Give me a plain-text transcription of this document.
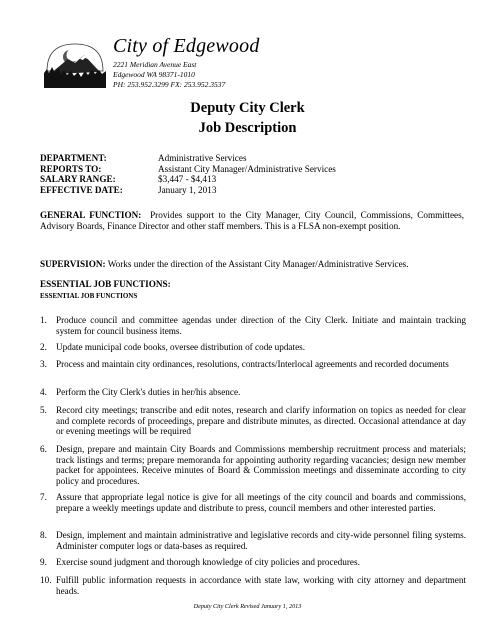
City of Edgewood
2221 Meridian Avenue East
Edgewood WA 98371-1010
PH: 253.952.3299 FX: 253.952.3537
Deputy City Clerk
Job Description
DEPARTMENT:	Administrative Services
REPORTS TO:	Assistant City Manager/Administrative Services
SALARY RANGE:	$3,447 - $4,413
EFFECTIVE DATE:	January 1, 2013
GENERAL FUNCTION: Provides support to the City Manager, City Council, Commissions, Committees, Advisory Boards, Finance Director and other staff members. This is a FLSA non-exempt position.
SUPERVISION: Works under the direction of the Assistant City Manager/Administrative Services.
ESSENTIAL JOB FUNCTIONS:
ESSENTIAL JOB FUNCTIONS
1. Produce council and committee agendas under direction of the City Clerk. Initiate and maintain tracking system for council business items.
2. Update municipal code books, oversee distribution of code updates.
3. Process and maintain city ordinances, resolutions, contracts/Interlocal agreements and recorded documents
4. Perform the City Clerk's duties in her/his absence.
5. Record city meetings; transcribe and edit notes, research and clarify information on topics as needed for clear and complete records of proceedings, prepare and distribute minutes, as directed. Occasional attendance at day or evening meetings will be required
6. Design, prepare and maintain City Boards and Commissions membership recruitment process and materials; track listings and terms; prepare memoranda for appointing authority regarding vacancies; design new member packet for appointees. Receive minutes of Board & Commission meetings and disseminate according to city policy and procedures.
7. Assure that appropriate legal notice is give for all meetings of the city council and boards and commissions, prepare a weekly meetings update and distribute to press, council members and other interested parties.
8. Design, implement and maintain administrative and legislative records and city-wide personnel filing systems. Administer computer logs or data-bases as required.
9. Exercise sound judgment and thorough knowledge of city policies and procedures.
10. Fulfill public information requests in accordance with state law, working with city attorney and department heads.
Deputy City Clerk Revised January 1, 2013
